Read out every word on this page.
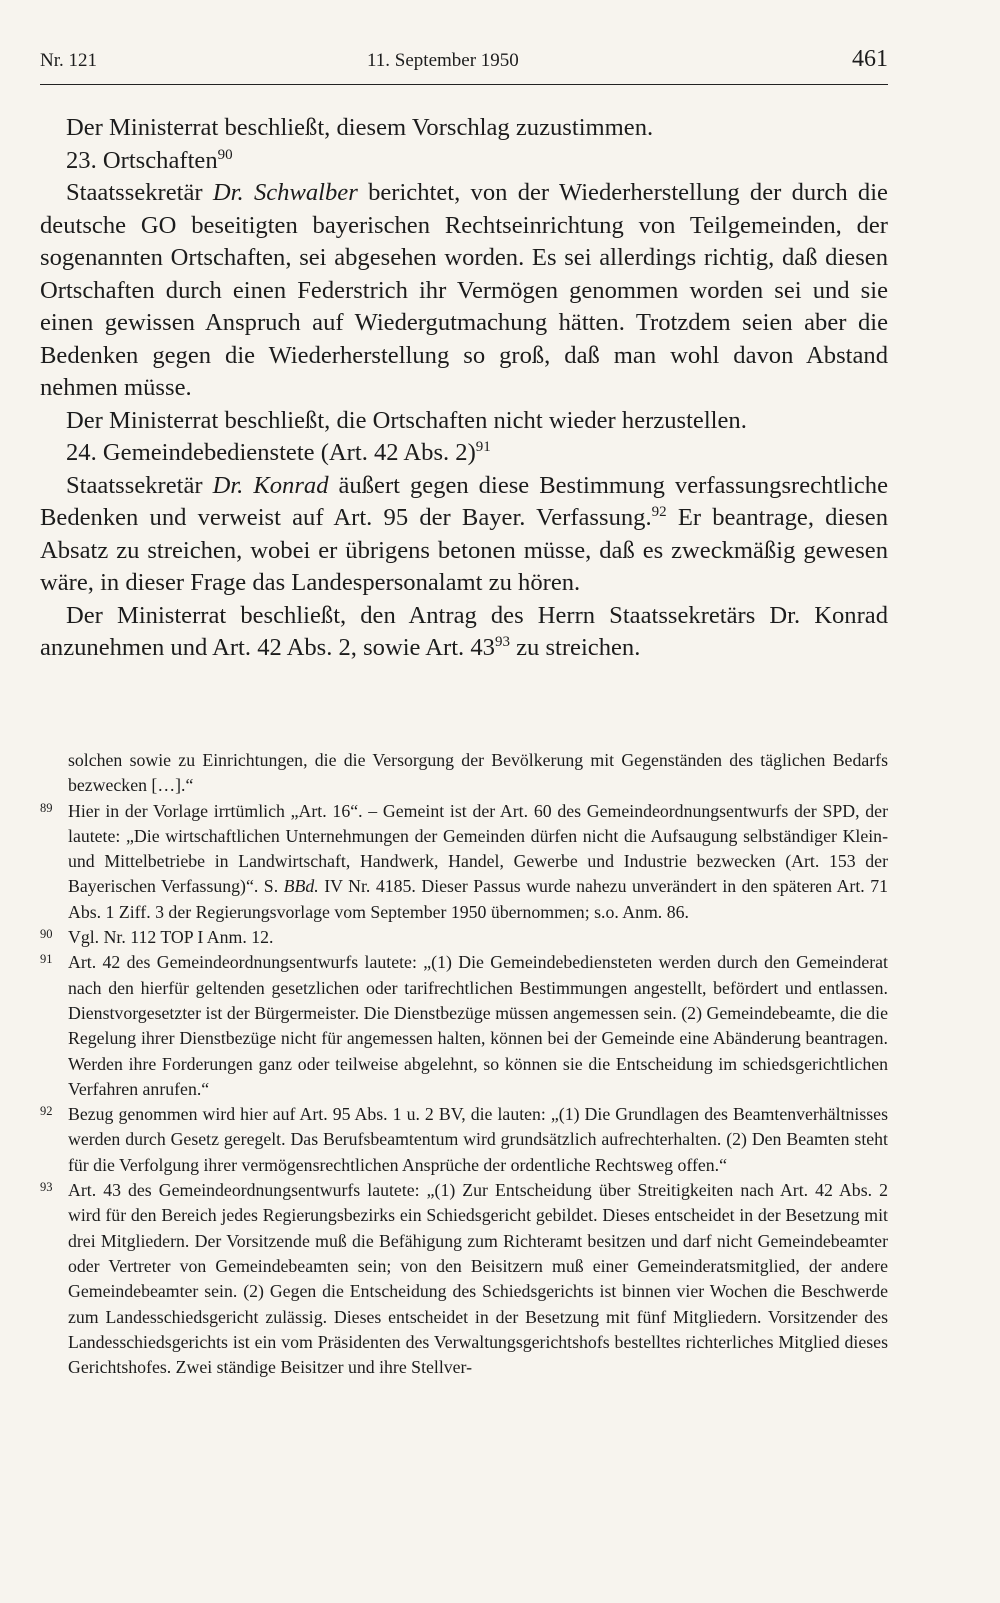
Nr. 121	11. September 1950	461

Der Ministerrat beschließt, diesem Vorschlag zuzustimmen.

23. Ortschaften$^{90}$

Staatssekretär Dr. Schwalber berichtet, von der Wiederherstellung der durch die deutsche GO beseitigten bayerischen Rechtseinrichtung von Teilgemeinden, der sogenannten Ortschaften, sei abgesehen worden. Es sei allerdings richtig, daß diesen Ortschaften durch einen Federstrich ihr Vermögen genommen worden sei und sie einen gewissen Anspruch auf Wiedergutmachung hätten. Trotzdem seien aber die Bedenken gegen die Wiederherstellung so groß, daß man wohl davon Abstand nehmen müsse.

Der Ministerrat beschließt, die Ortschaften nicht wieder herzustellen.

24. Gemeindebedienstete (Art. 42 Abs. 2)$^{91}$

Staatssekretär Dr. Konrad äußert gegen diese Bestimmung verfassungsrechtliche Bedenken und verweist auf Art. 95 der Bayer. Verfassung.$^{92}$ Er beantrage, diesen Absatz zu streichen, wobei er übrigens betonen müsse, daß es zweckmäßig gewesen wäre, in dieser Frage das Landespersonalamt zu hören.

Der Ministerrat beschließt, den Antrag des Herrn Staatssekretärs Dr. Konrad anzunehmen und Art. 42 Abs. 2, sowie Art. $43^{93}$ zu streichen.

solchen sowie zu Einrichtungen, die die Versorgung der Bevölkerung mit Gegenständen des täglichen Bedarfs bezwecken […].“

89 Hier in der Vorlage irrtümlich „Art. 16“. – Gemeint ist der Art. 60 des Gemeindeordnungsentwurfs der SPD, der lautete: „Die wirtschaftlichen Unternehmungen der Gemeinden dürfen nicht die Aufsaugung selbständiger Klein- und Mittelbetriebe in Landwirtschaft, Handwerk, Handel, Gewerbe und Industrie bezwecken (Art. 153 der Bayerischen Verfassung)“. S. BBd. IV Nr. 4185. Dieser Passus wurde nahezu unverändert in den späteren Art. 71 Abs. 1 Ziff. 3 der Regierungsvorlage vom September 1950 übernommen; s.o. Anm. 86.

90 Vgl. Nr. 112 TOP I Anm. 12.

91 Art. 42 des Gemeindeordnungsentwurfs lautete: „(1) Die Gemeindebediensteten werden durch den Gemeinderat nach den hierfür geltenden gesetzlichen oder tarifrechtlichen Bestimmungen angestellt, befördert und entlassen. Dienstvorgesetzter ist der Bürgermeister. Die Dienstbezüge müssen angemessen sein. (2) Gemeindebeamte, die die Regelung ihrer Dienstbezüge nicht für angemessen halten, können bei der Gemeinde eine Abänderung beantragen. Werden ihre Forderungen ganz oder teilweise abgelehnt, so können sie die Entscheidung im schiedsgerichtlichen Verfahren anrufen.“

92 Bezug genommen wird hier auf Art. 95 Abs. 1 u. 2 BV, die lauten: „(1) Die Grundlagen des Beamtenverhältnisses werden durch Gesetz geregelt. Das Berufsbeamtentum wird grundsätzlich aufrechterhalten. (2) Den Beamten steht für die Verfolgung ihrer vermögensrechtlichen Ansprüche der ordentliche Rechtsweg offen.“

93 Art. 43 des Gemeindeordnungsentwurfs lautete: „(1) Zur Entscheidung über Streitigkeiten nach Art. 42 Abs. 2 wird für den Bereich jedes Regierungsbezirks ein Schiedsgericht gebildet. Dieses entscheidet in der Besetzung mit drei Mitgliedern. Der Vorsitzende muß die Befähigung zum Richteramt besitzen und darf nicht Gemeindebeamter oder Vertreter von Gemeindebeamten sein; von den Beisitzern muß einer Gemeinderatsmitglied, der andere Gemeindebeamter sein. (2) Gegen die Entscheidung des Schiedsgerichts ist binnen vier Wochen die Beschwerde zum Landesschiedsgericht zulässig. Dieses entscheidet in der Besetzung mit fünf Mitgliedern. Vorsitzender des Landesschiedsgerichts ist ein vom Präsidenten des Verwaltungsgerichtshofs bestelltes richterliches Mitglied dieses Gerichtshofes. Zwei ständige Beisitzer und ihre Stellver-
